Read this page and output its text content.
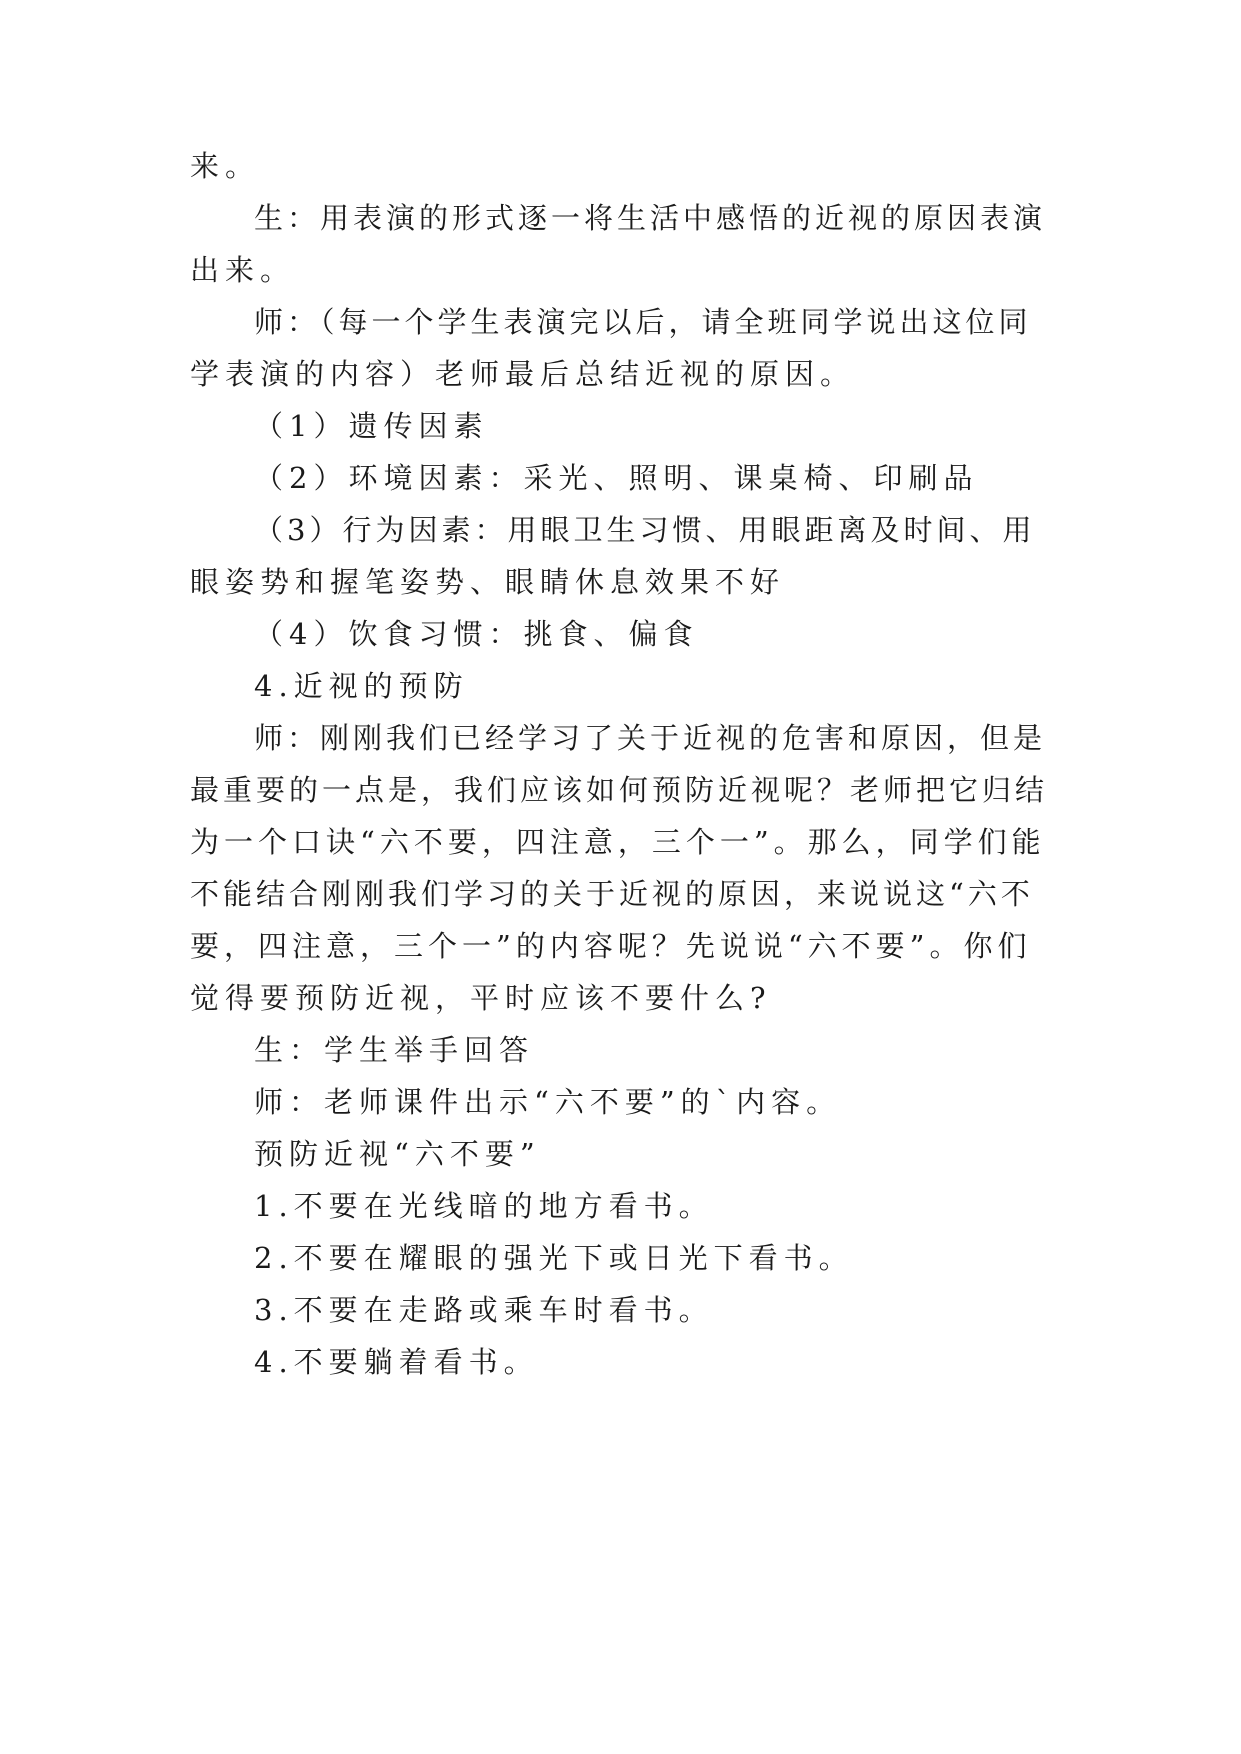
来。
生：用表演的形式逐一将生活中感悟的近视的原因表演
出来。
师：（每一个学生表演完以后，请全班同学说出这位同
学表演的内容）老师最后总结近视的原因。
（1）遗传因素
（2）环境因素：采光、照明、课桌椅、印刷品
（3）行为因素：用眼卫生习惯、用眼距离及时间、用
眼姿势和握笔姿势、眼睛休息效果不好
（4）饮食习惯：挑食、偏食
4.近视的预防
师：刚刚我们已经学习了关于近视的危害和原因，但是
最重要的一点是，我们应该如何预防近视呢？老师把它归结
为一个口诀“六不要，四注意，三个一”。那么，同学们能
不能结合刚刚我们学习的关于近视的原因，来说说这“六不
要，四注意，三个一”的内容呢？先说说“六不要”。你们
觉得要预防近视，平时应该不要什么?
生：学生举手回答
师：老师课件出示“六不要”的`内容。
预防近视“六不要”
1.不要在光线暗的地方看书。
2.不要在耀眼的强光下或日光下看书。
3.不要在走路或乘车时看书。
4.不要躺着看书。
